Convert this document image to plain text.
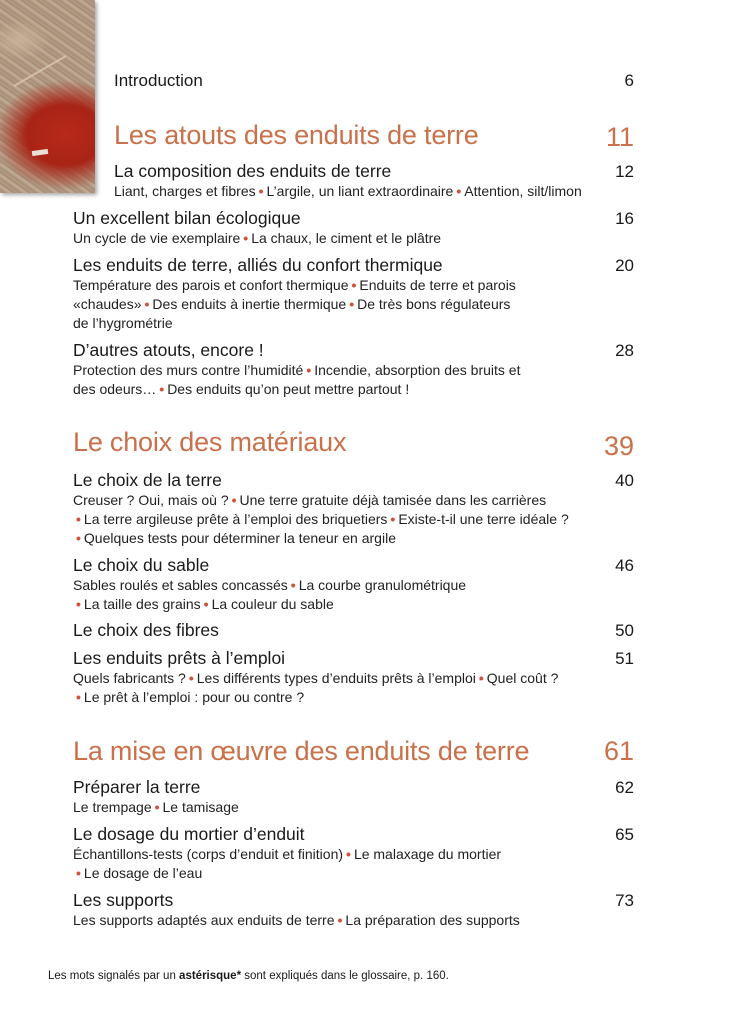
Introduction	6
Les atouts des enduits de terre	11
La composition des enduits de terre	12
Liant, charges et fibres • L’argile, un liant extraordinaire • Attention, silt/limon
Un excellent bilan écologique	16
Un cycle de vie exemplaire • La chaux, le ciment et le plâtre
Les enduits de terre, alliés du confort thermique	20
Température des parois et confort thermique • Enduits de terre et parois
«chaudes» • Des enduits à inertie thermique • De très bons régulateurs
de l’hygrométrie
D’autres atouts, encore !	28
Protection des murs contre l’humidité • Incendie, absorption des bruits et
des odeurs… • Des enduits qu’on peut mettre partout !
Le choix des matériaux	39
Le choix de la terre	40
Creuser ? Oui, mais où ? • Une terre gratuite déjà tamisée dans les carrières
• La terre argileuse prête à l’emploi des briquetiers • Existe-t-il une terre idéale ?
• Quelques tests pour déterminer la teneur en argile
Le choix du sable	46
Sables roulés et sables concassés • La courbe granulométrique
• La taille des grains • La couleur du sable
Le choix des fibres	50
Les enduits prêts à l’emploi	51
Quels fabricants ? • Les différents types d’enduits prêts à l’emploi • Quel coût ?
• Le prêt à l’emploi : pour ou contre ?
La mise en œuvre des enduits de terre	61
Préparer la terre	62
Le trempage • Le tamisage
Le dosage du mortier d’enduit	65
Échantillons-tests (corps d’enduit et finition) • Le malaxage du mortier
• Le dosage de l’eau
Les supports	73
Les supports adaptés aux enduits de terre • La préparation des supports
Les mots signalés par un astérisque* sont expliqués dans le glossaire, p. 160.
